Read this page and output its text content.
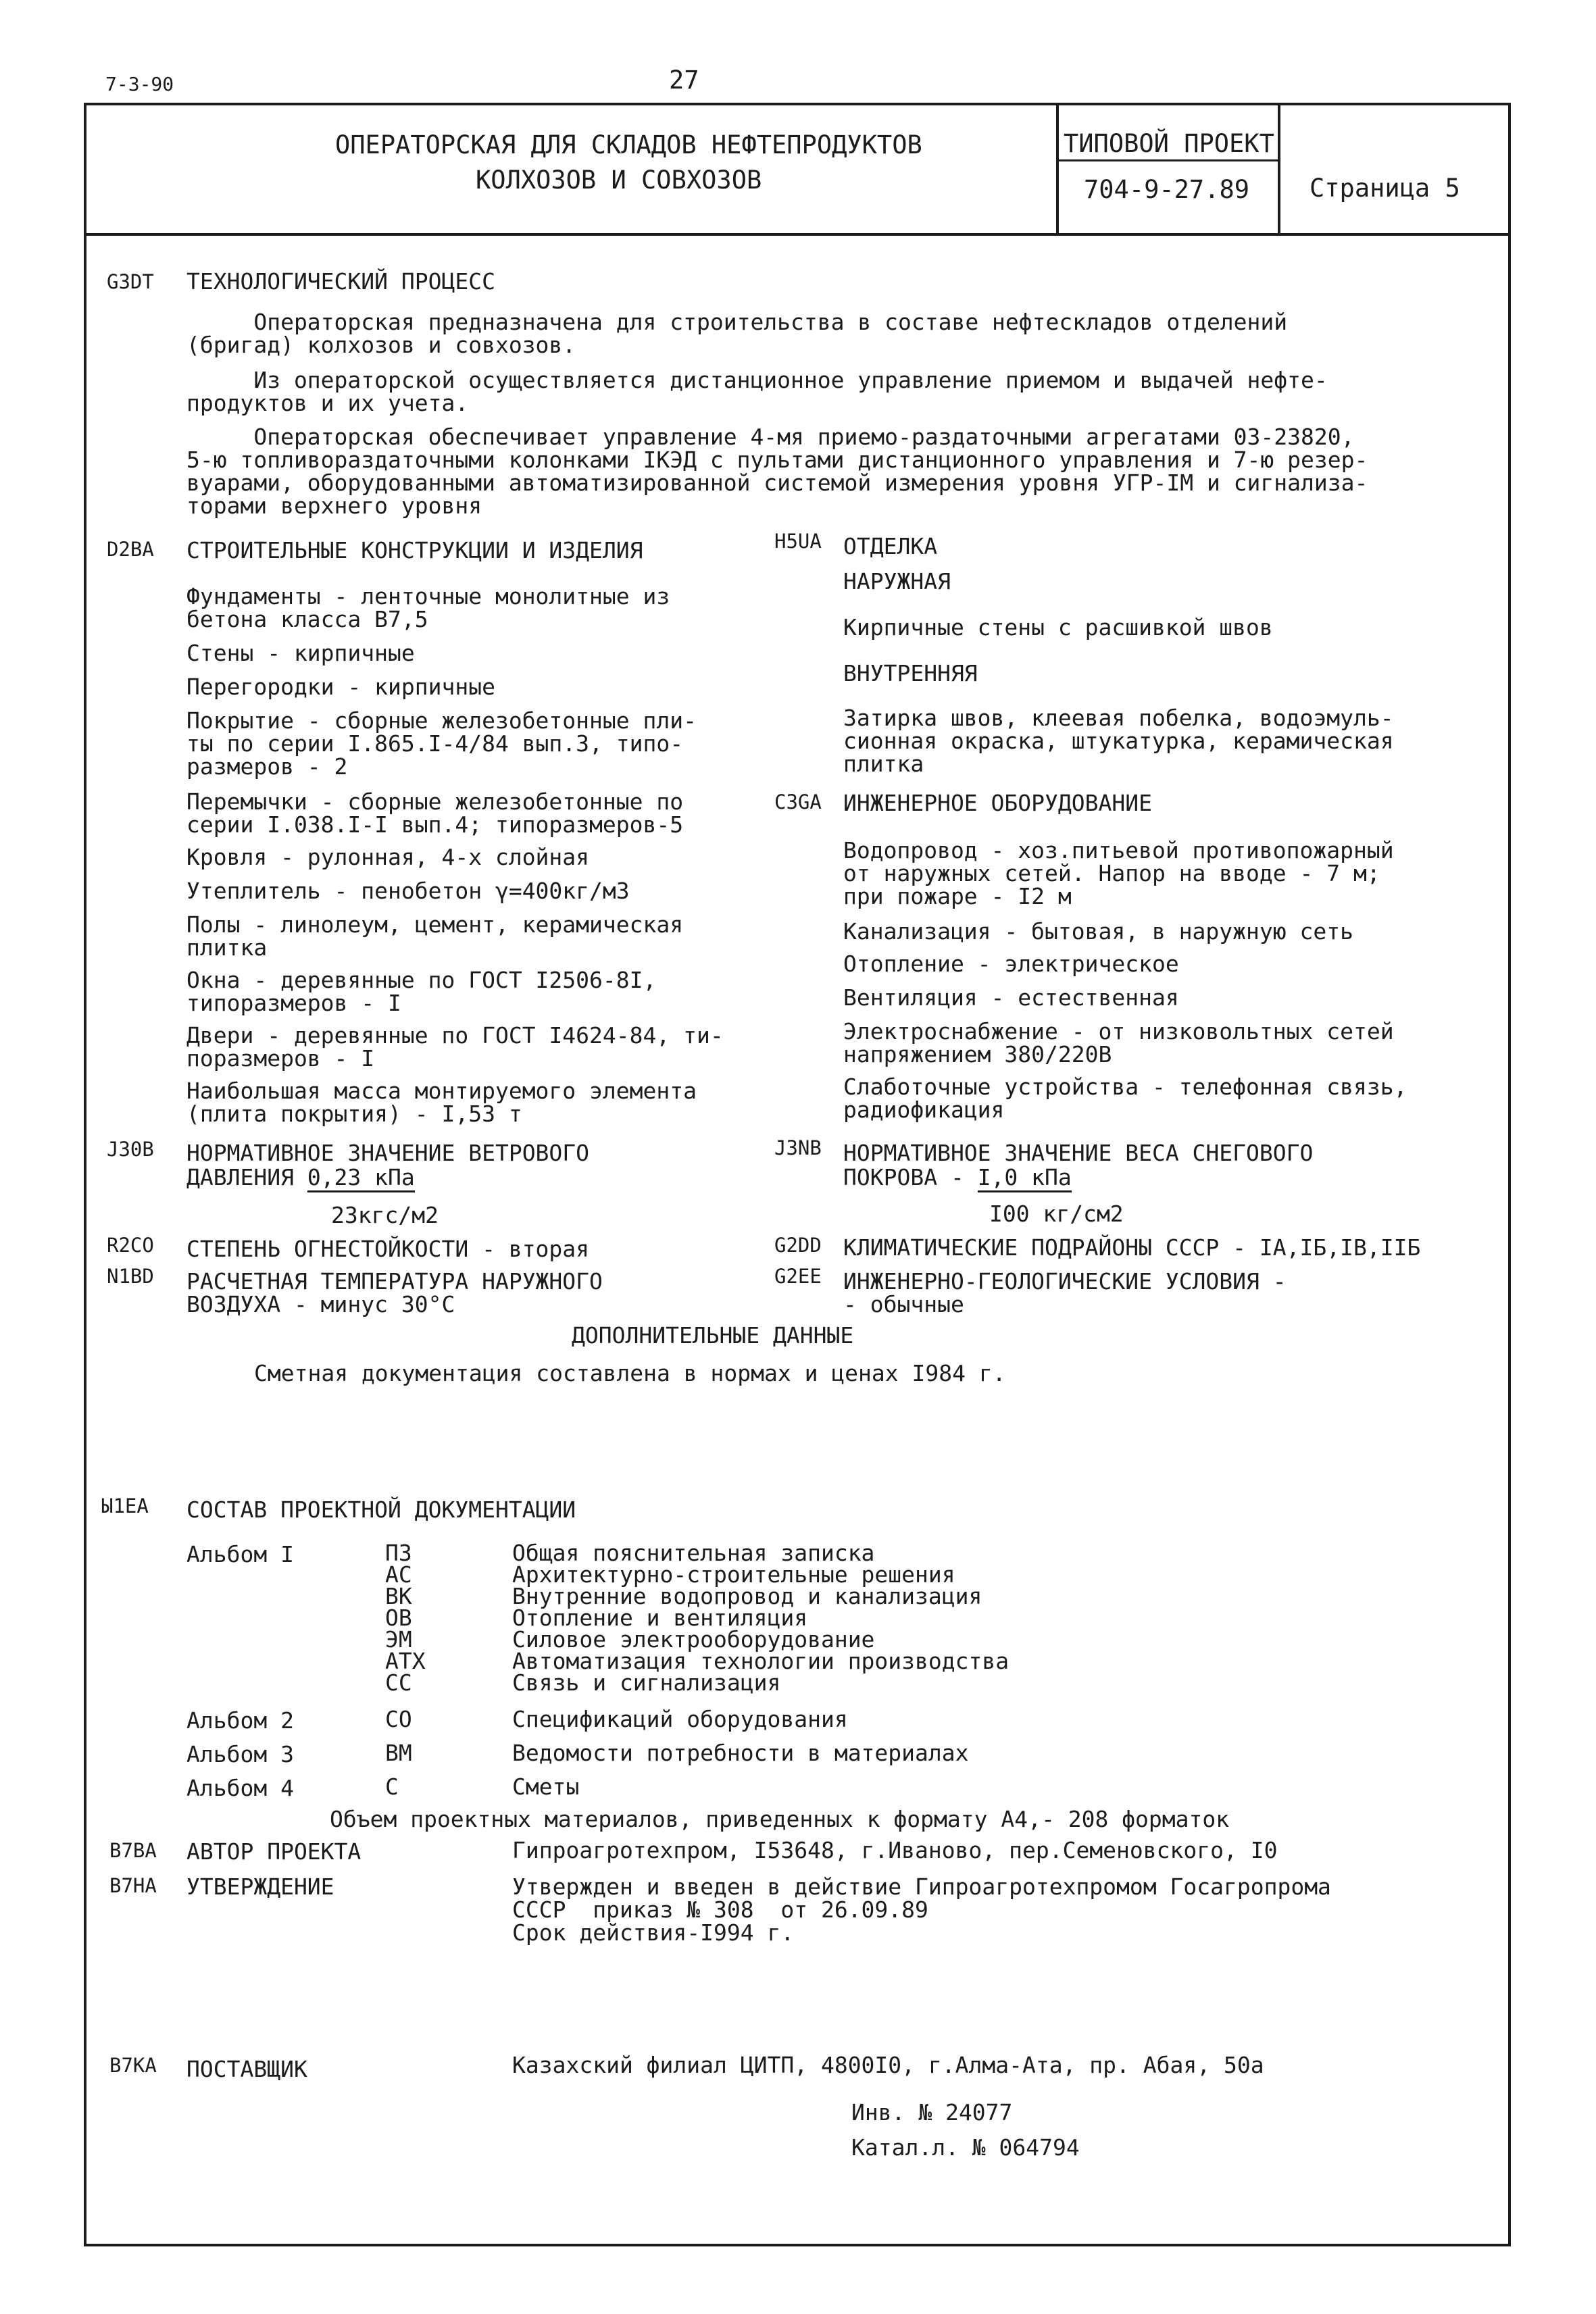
7-3-90	27
ОПЕРАТОРСКАЯ ДЛЯ СКЛАДОВ НЕФТЕПРОДУКТОВ
КОЛХОЗОВ И СОВХОЗОВ
ТИПОВОЙ ПРОЕКТ
704-9-27.89 Страница 5
G3DT ТЕХНОЛОГИЧЕСКИЙ ПРОЦЕСС
Операторская предназначена для строительства в составе нефтескладов отделений
(бригад) колхозов и совхозов.
Из операторской осуществляется дистанционное управление приемом и выдачей нефте-
продуктов и их учета.
Операторская обеспечивает управление 4-мя приемо-раздаточными агрегатами 03-23820,
5-ю топливораздаточными колонками IКЭД с пультами дистанционного управления и 7-ю резер-
вуарами, оборудованными автоматизированной системой измерения уровня УГР-IM и сигнализа-
торами верхнего уровня
D2BA СТРОИТЕЛЬНЫЕ КОНСТРУКЦИИ И ИЗДЕЛИЯ
Фундаменты - ленточные монолитные из
бетона класса В7,5
Стены - кирпичные
Перегородки - кирпичные
Покрытие - сборные железобетонные пли-
ты по серии I.865.I-4/84 вып.3, типо-
размеров - 2
Перемычки - сборные железобетонные по
серии I.038.I-I вып.4; типоразмеров-5
Кровля - рулонная, 4-х слойная
Утеплитель - пенобетон γ=400кг/м3
Полы - линолеум, цемент, керамическая
плитка
Окна - деревянные по ГОСТ I2506-8I,
типоразмеров - I
Двери - деревянные по ГОСТ I4624-84, ти-
поразмеров - I
Наибольшая масса монтируемого элемента
(плита покрытия) - I,53 т
H5UA ОТДЕЛКА
НАРУЖНАЯ
Кирпичные стены с расшивкой швов
ВНУТРЕННЯЯ
Затирка швов, клеевая побелка, водоэмуль-
сионная окраска, штукатурка, керамическая
плитка
C3GA ИНЖЕНЕРНОЕ ОБОРУДОВАНИЕ
Водопровод - хоз.питьевой противопожарный
от наружных сетей. Напор на вводе - 7 м;
при пожаре - I2 м
Канализация - бытовая, в наружную сеть
Отопление - электрическое
Вентиляция - естественная
Электроснабжение - от низковольтных сетей
напряжением 380/220В
Слаботочные устройства - телефонная связь,
радиофикация
J30B НОРМАТИВНОЕ ЗНАЧЕНИЕ ВЕТРОВОГО
ДАВЛЕНИЯ 0,23 кПа
23кгс/м2
J3NB НОРМАТИВНОЕ ЗНАЧЕНИЕ ВЕСА СНЕГОВОГО
ПОКРОВА - I,0 кПа
I00 кг/см2
R2CO СТЕПЕНЬ ОГНЕСТОЙКОСТИ - вторая	G2DD КЛИМАТИЧЕСКИЕ ПОДРАЙОНЫ СССР - IА,IБ,IВ,IIБ
N1BD РАСЧЕТНАЯ ТЕМПЕРАТУРА НАРУЖНОГО
ВОЗДУХА - минус 30°С
G2EE ИНЖЕНЕРНО-ГЕОЛОГИЧЕСКИЕ УСЛОВИЯ -
- обычные
ДОПОЛНИТЕЛЬНЫЕ ДАННЫЕ
Сметная документация составлена в нормах и ценах I984 г.
Ы1ЕА СОСТАВ ПРОЕКТНОЙ ДОКУМЕНТАЦИИ
Альбом I	ПЗ	Общая пояснительная записка
АС	Архитектурно-строительные решения
ВК	Внутренние водопровод и канализация
ОВ	Отопление и вентиляция
ЭМ	Силовое электрооборудование
АТХ	Автоматизация технологии производства
СС	Связь и сигнализация
Альбом 2	СО	Спецификаций оборудования
Альбом 3	ВМ	Ведомости потребности в материалах
Альбом 4	С	Сметы
Объем проектных материалов, приведенных к формату А4,- 208 форматок
B7BA АВТОР ПРОЕКТА	Гипроагротехпром, I53648, г.Иваново, пер.Семеновского, I0
B7HA УТВЕРЖДЕНИЕ	Утвержден и введен в действие Гипроагротехпромом Госагропрома
СССР  приказ № 308  от 26.09.89
Срок действия-I994 г.
B7KA ПОСТАВЩИК	Казахский филиал ЦИТП, 4800I0, г.Алма-Ата, пр. Абая, 50а
Инв. № 24077
Катал.л. № 064794
